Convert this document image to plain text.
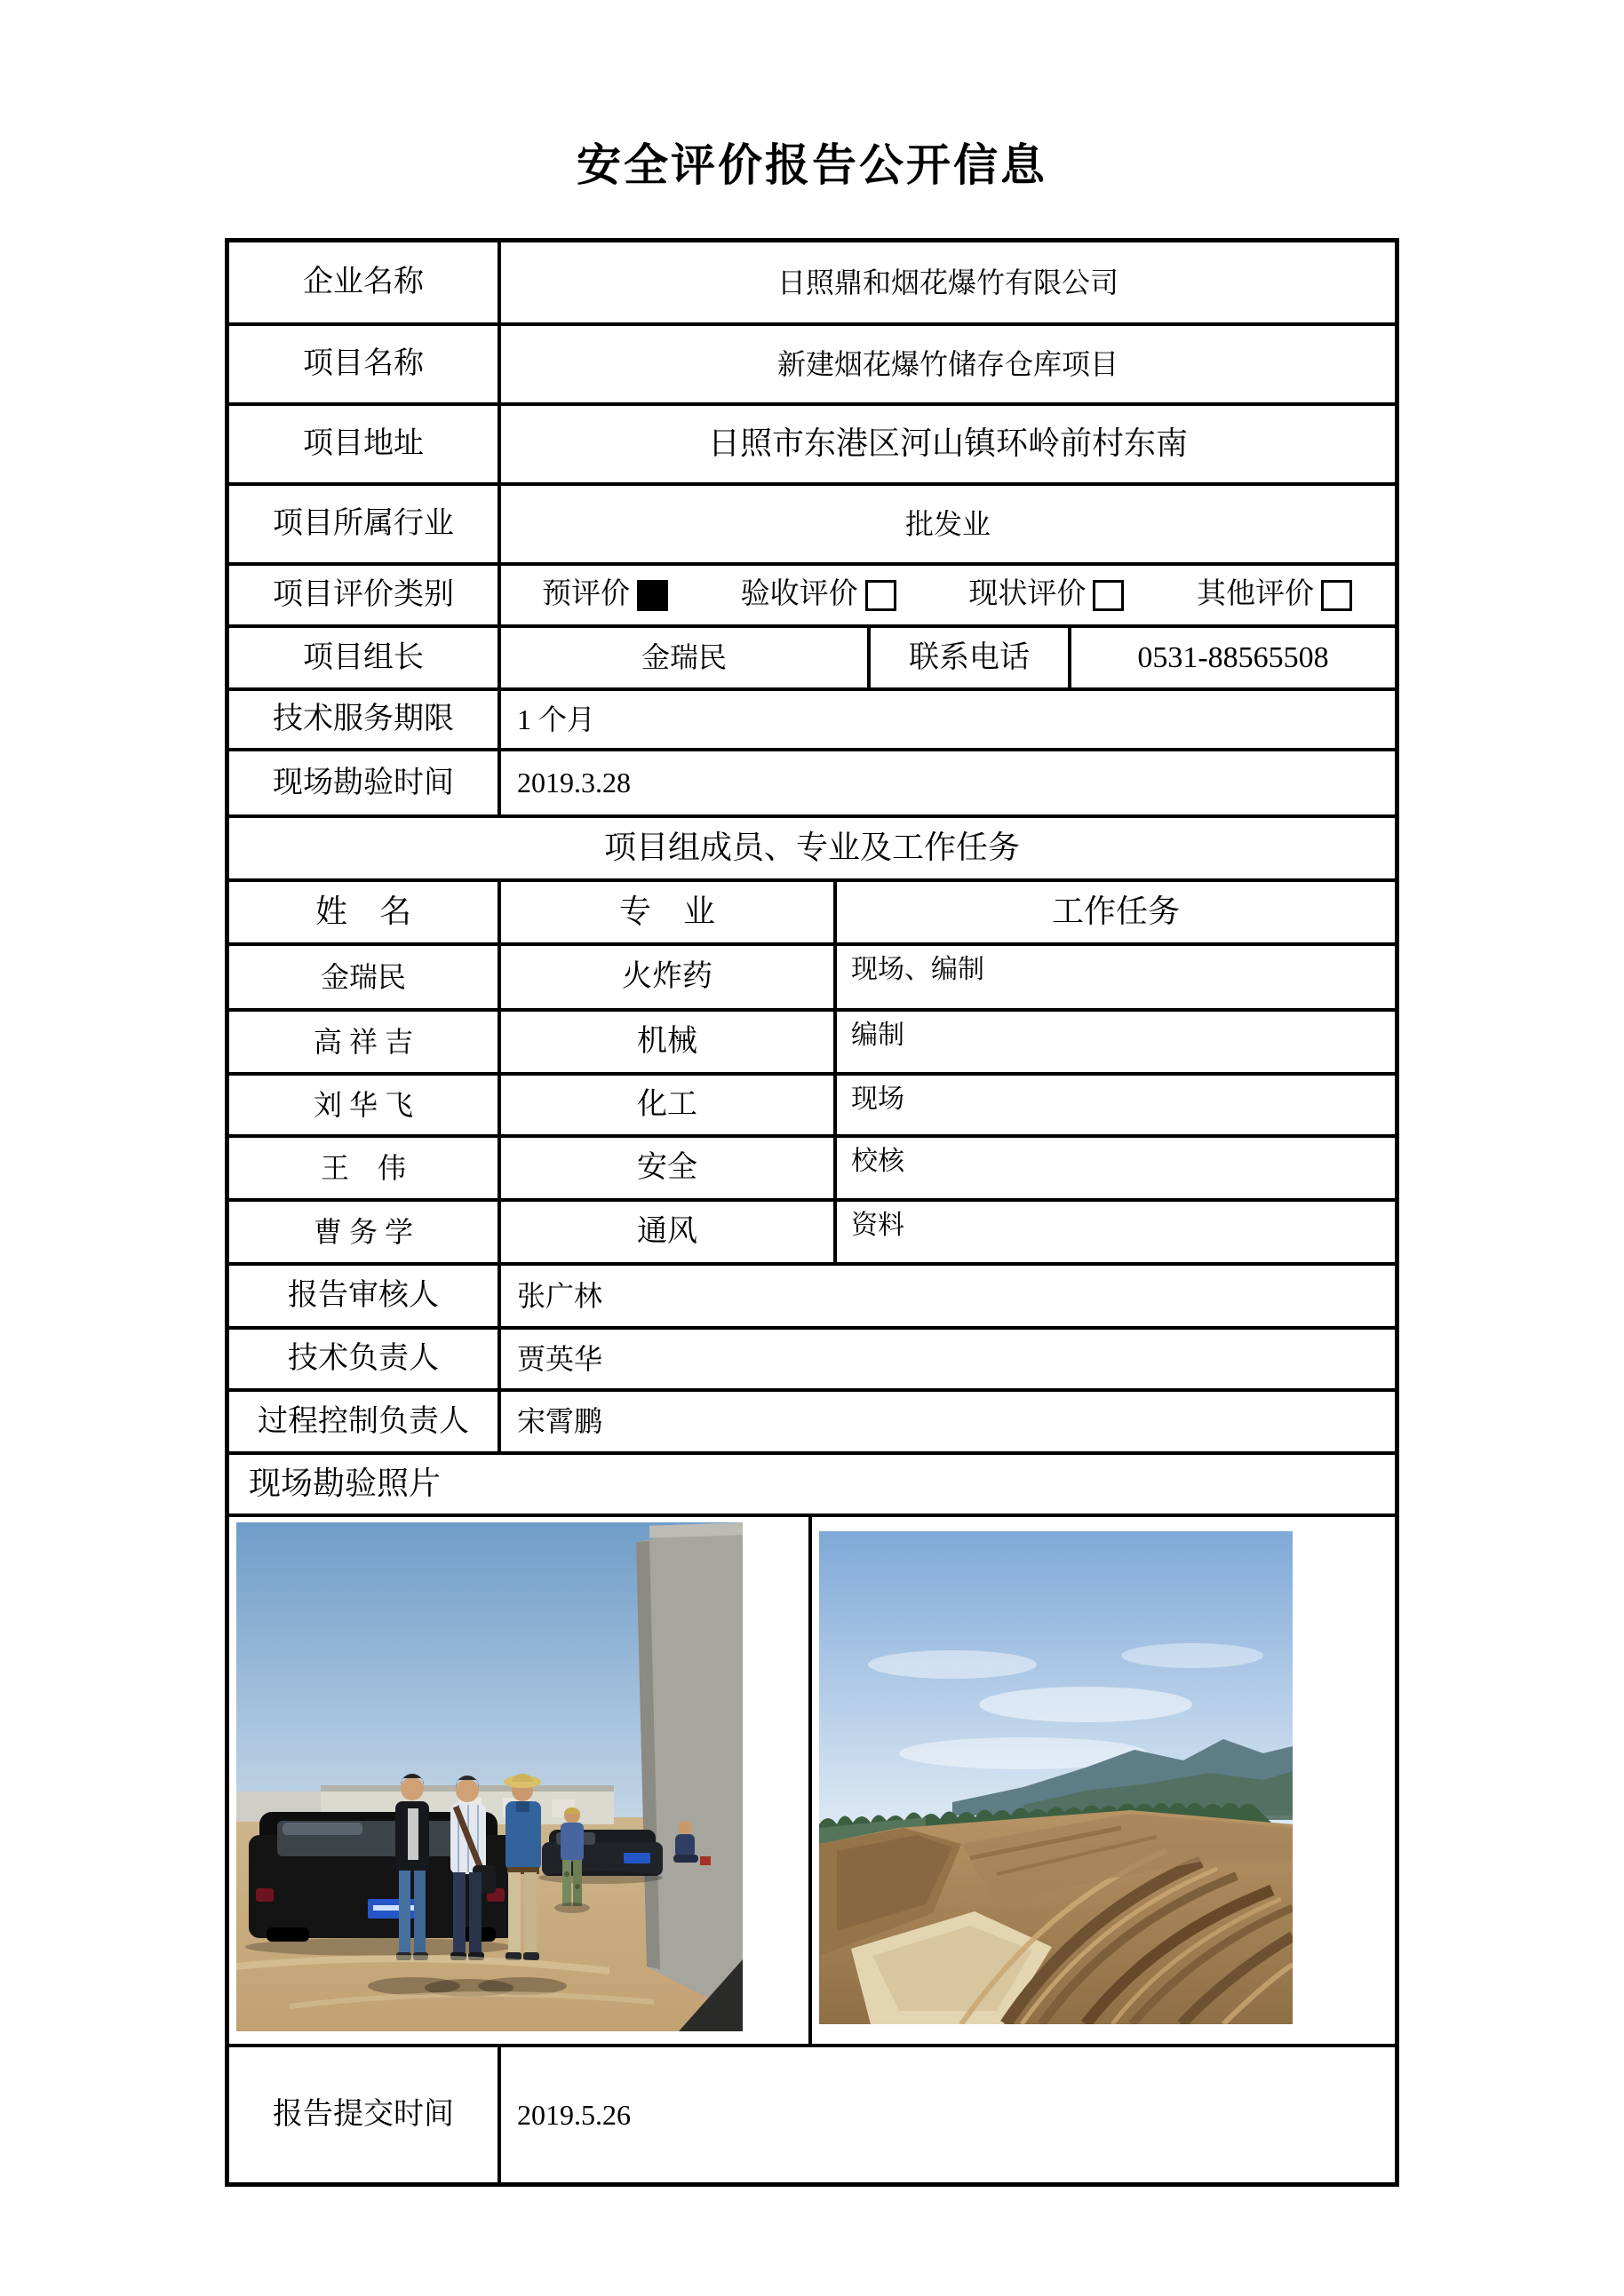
安全评价报告公开信息
企业名称	日照鼎和烟花爆竹有限公司
项目名称	新建烟花爆竹储存仓库项目
项目地址	日照市东港区河山镇环岭前村东南
项目所属行业	批发业
项目评价类别	预评价	验收评价	现状评价	其他评价
项目组长	金瑞民	联系电话	0531-88565508
技术服务期限	1 个月
现场勘验时间	2019.3.28
项目组成员、专业及工作任务
姓　名	专　业	工作任务
金瑞民	火炸药	现场、编制
高 祥 吉	机械	编制
刘 华 飞	化工	现场
王　伟	安全	校核
曹 务 学	通风	资料
报告审核人	张广林
技术负责人	贾英华
过程控制负责人	宋霄鹏
现场勘验照片
报告提交时间	2019.5.26
